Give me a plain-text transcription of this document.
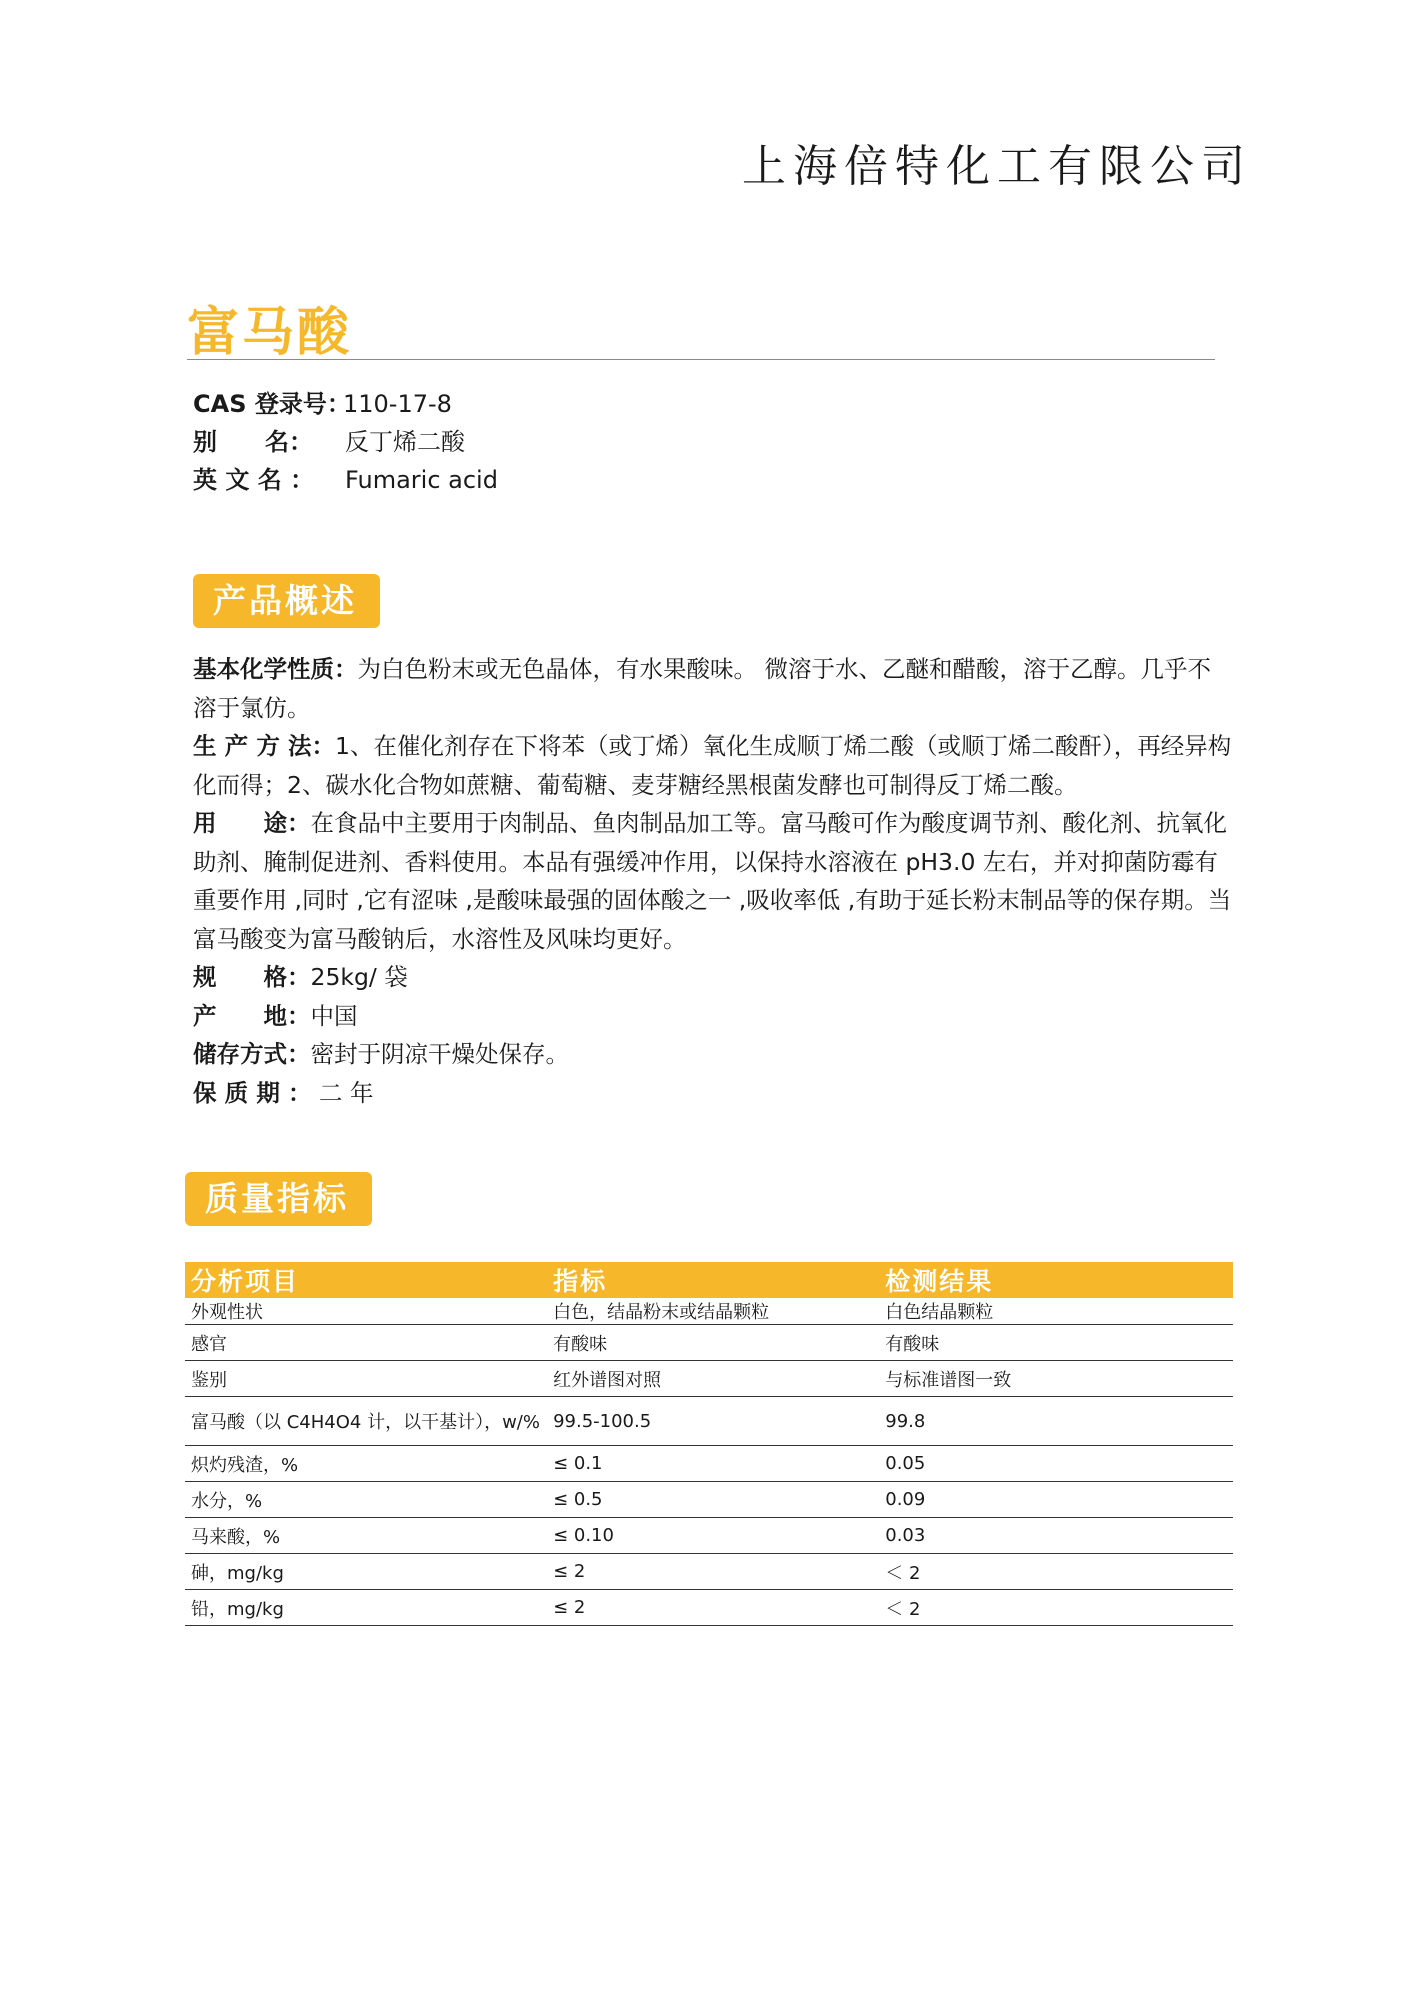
上海倍特化工有限公司
富马酸
CAS 登录号：110-17-8
别　　名： 反丁烯二酸
英 文 名 ： Fumaric acid
产品概述

基本化学性质：为白色粉末或无色晶体，有水果酸味。 微溶于水、乙醚和醋酸，溶于乙醇。几乎不溶于氯仿。

生 产 方 法：1、在催化剂存在下将苯（或丁烯）氧化生成顺丁烯二酸（或顺丁烯二酸酐），再经异构化而得；2、碳水化合物如蔗糖、葡萄糖、麦芽糖经黑根菌发酵也可制得反丁烯二酸。

用　　途：在食品中主要用于肉制品、鱼肉制品加工等。富马酸可作为酸度调节剂、酸化剂、抗氧化助剂、腌制促进剂、香料使用。本品有强缓冲作用，以保持水溶液在 pH3.0 左右，并对抑菌防霉有重要作用 ,同时 ,它有涩味 ,是酸味最强的固体酸之一 ,吸收率低 ,有助于延长粉末制品等的保存期。当富马酸变为富马酸钠后，水溶性及风味均更好。

规　　格：25kg/ 袋

产　　地：中国

储存方式：密封于阴凉干燥处保存。

保 质 期 ： 二 年

质量指标
分析项目	指标	检测结果
外观性状	白色，结晶粉末或结晶颗粒	白色结晶颗粒
感官	有酸味	有酸味
鉴别	红外谱图对照	与标准谱图一致
富马酸（以 C4H4O4 计，以干基计），w/%	99.5-100.5	99.8
炽灼残渣，%	≤ 0.1	0.05
水分，%	≤ 0.5	0.09
马来酸，%	≤ 0.10	0.03
砷，mg/kg	≤ 2	＜ 2
铅，mg/kg	≤ 2	＜ 2
